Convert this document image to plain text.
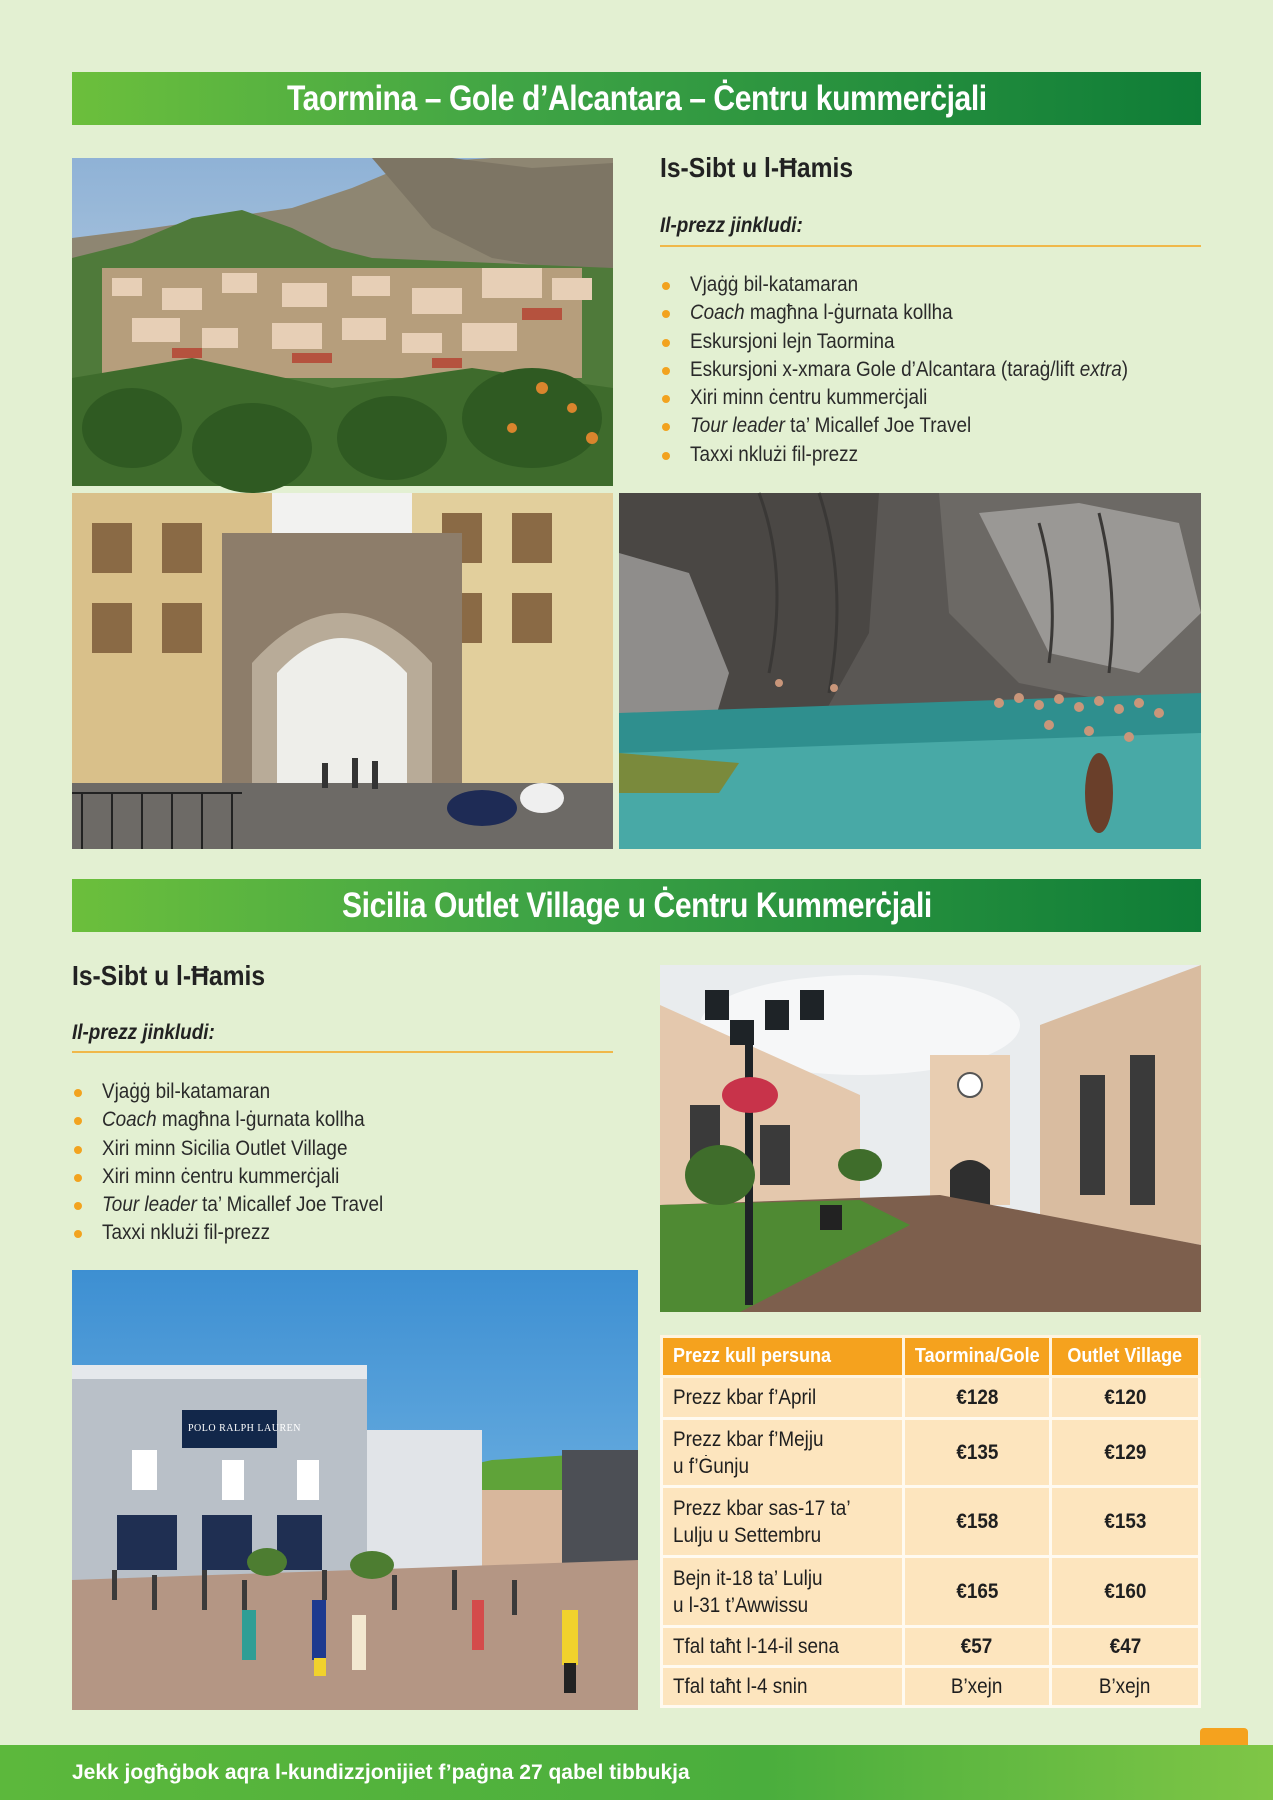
Taormina – Gole d’Alcantara – Ċentru kummerċjali
Is-Sibt u l-Ħamis
Il-prezz jinkludi:
Vjaġġ bil-katamaran
Coach magħna l-ġurnata kollha
Eskursjoni lejn Taormina
Eskursjoni x-xmara Gole d’Alcantara (taraġ/lift extra)
Xiri minn ċentru kummerċjali
Tour leader ta’ Micallef Joe Travel
Taxxi nklużi fil-prezz
Sicilia Outlet Village u Ċentru Kummerċjali
Is-Sibt u l-Ħamis
Il-prezz jinkludi:
Vjaġġ bil-katamaran
Coach magħna l-ġurnata kollha
Xiri minn Sicilia Outlet Village
Xiri minn ċentru kummerċjali
Tour leader ta’ Micallef Joe Travel
Taxxi nklużi fil-prezz
POLO RALPH LAUREN
Prezz kull persuna	Taormina/Gole	Outlet Village
Prezz kbar f’April	€128	€120
Prezz kbar f’Mejju
u f’Ġunju	€135	€129
Prezz kbar sas-17 ta’
Lulju u Settembru	€158	€153
Bejn it-18 ta’ Lulju
u l-31 t’Awwissu	€165	€160
Tfal taħt l-14-il sena	€57	€47
Tfal taħt l-4 snin	B’xejn	B’xejn
Jekk jogħġbok aqra l-kundizzjonijiet f’paġna 27 qabel tibbukja
